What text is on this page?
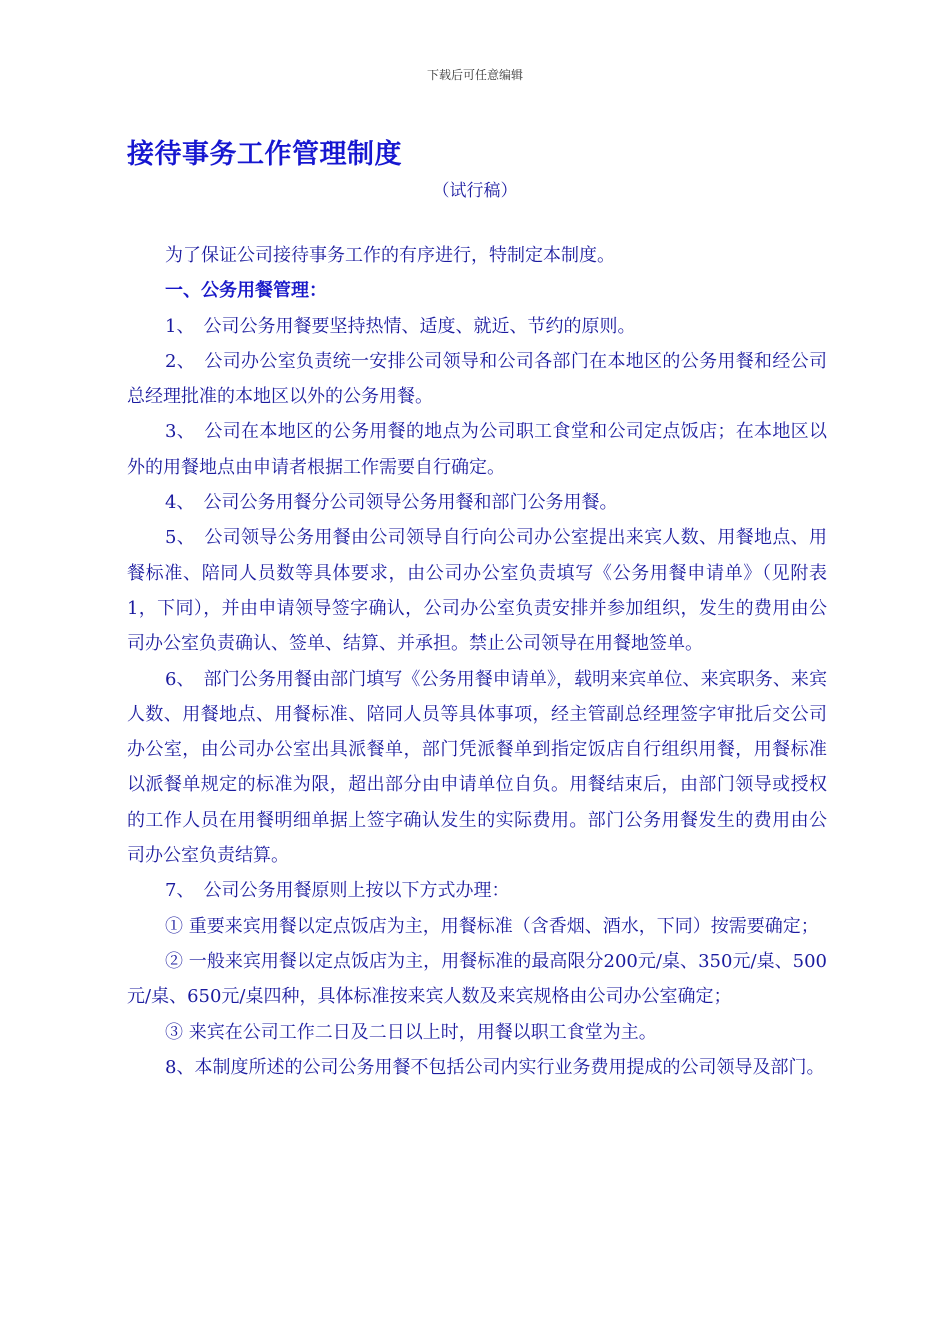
下载后可任意编辑
接待事务工作管理制度
（试行稿）

为了保证公司接待事务工作的有序进行，特制定本制度。

一、公务用餐管理：

1、　公司公务用餐要坚持热情、适度、就近、节约的原则。

2、　公司办公室负责统一安排公司领导和公司各部门在本地区的公务用餐和经公司总经理批准的本地区以外的公务用餐。

3、　公司在本地区的公务用餐的地点为公司职工食堂和公司定点饭店；在本地区以外的用餐地点由申请者根据工作需要自行确定。

4、　公司公务用餐分公司领导公务用餐和部门公务用餐。

5、　公司领导公务用餐由公司领导自行向公司办公室提出来宾人数、用餐地点、用餐标准、陪同人员数等具体要求，由公司办公室负责填写《公务用餐申请单》（见附表1，下同），并由申请领导签字确认，公司办公室负责安排并参加组织，发生的费用由公司办公室负责确认、签单、结算、并承担。禁止公司领导在用餐地签单。

6、　部门公务用餐由部门填写《公务用餐申请单》，载明来宾单位、来宾职务、来宾人数、用餐地点、用餐标准、陪同人员等具体事项，经主管副总经理签字审批后交公司办公室，由公司办公室出具派餐单，部门凭派餐单到指定饭店自行组织用餐，用餐标准以派餐单规定的标准为限，超出部分由申请单位自负。用餐结束后，由部门领导或授权的工作人员在用餐明细单据上签字确认发生的实际费用。部门公务用餐发生的费用由公司办公室负责结算。

7、　公司公务用餐原则上按以下方式办理：

① 重要来宾用餐以定点饭店为主，用餐标准（含香烟、酒水，下同）按需要确定；

② 一般来宾用餐以定点饭店为主，用餐标准的最高限分200元/桌、350元/桌、500元/桌、650元/桌四种，具体标准按来宾人数及来宾规格由公司办公室确定；

③ 来宾在公司工作二日及二日以上时，用餐以职工食堂为主。

8、本制度所述的公司公务用餐不包括公司内实行业务费用提成的公司领导及部门。
